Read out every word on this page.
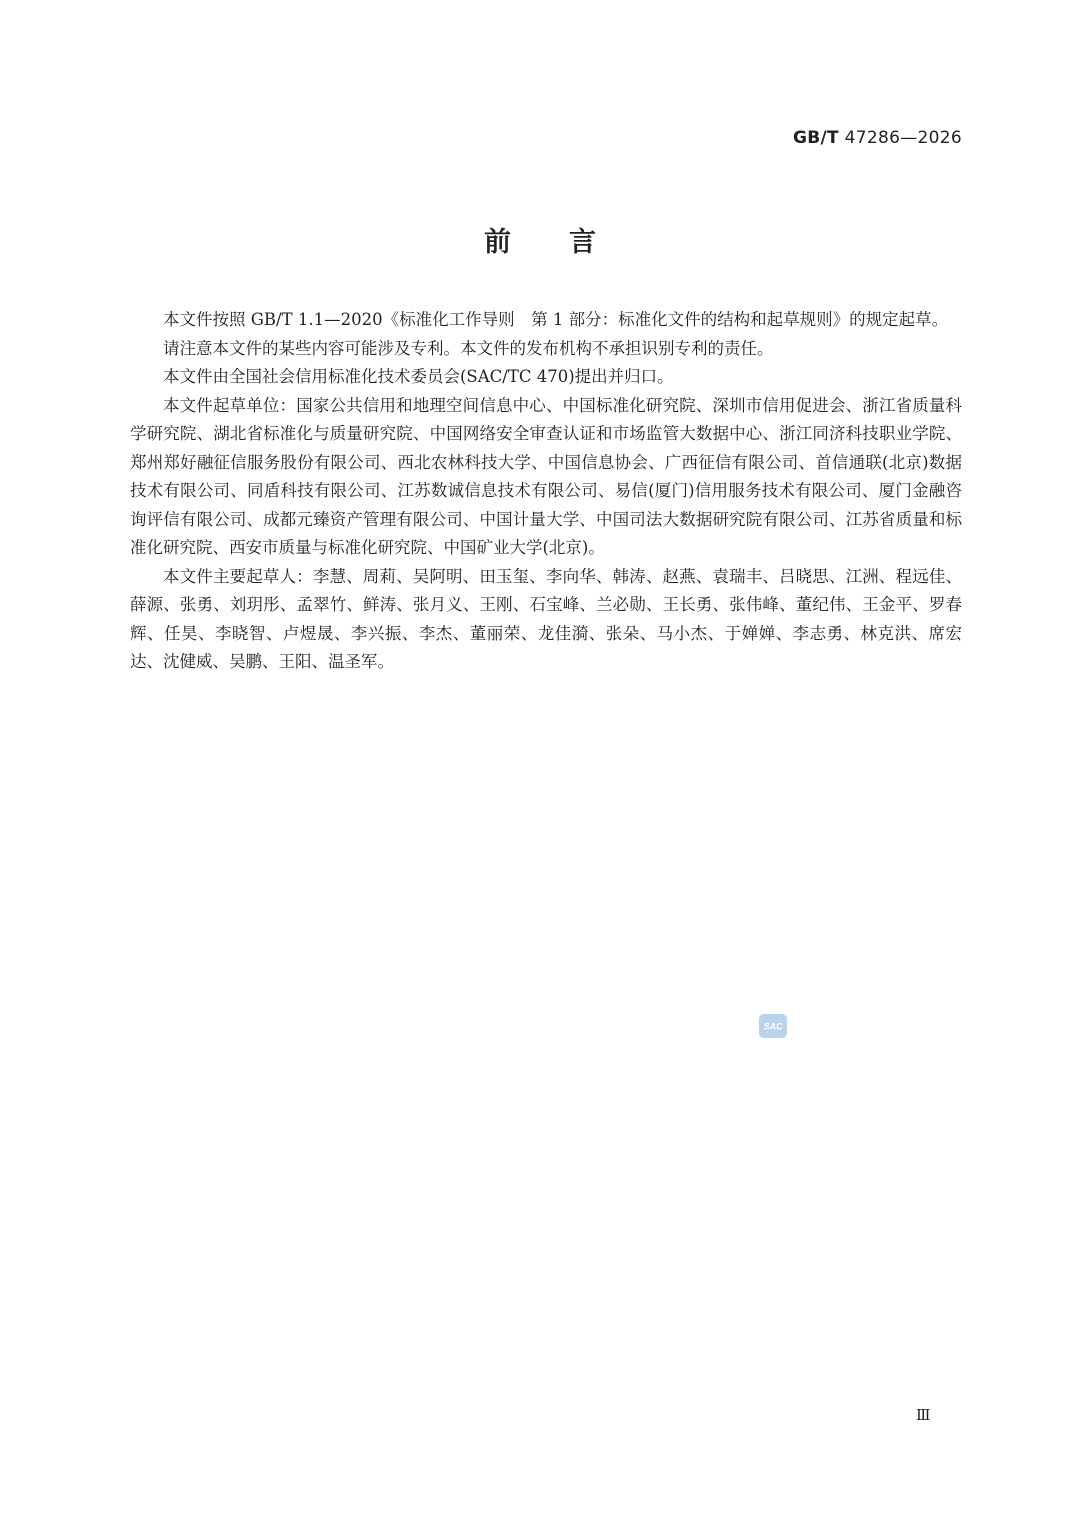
GB/T 47286—2026
前言

本文件按照 GB/T 1.1—2020《标准化工作导则　第 1 部分：标准化文件的结构和起草规则》的规定起草。

请注意本文件的某些内容可能涉及专利。本文件的发布机构不承担识别专利的责任。

本文件由全国社会信用标准化技术委员会(SAC/TC 470)提出并归口。

本文件起草单位：国家公共信用和地理空间信息中心、中国标准化研究院、深圳市信用促进会、浙江省质量科学研究院、湖北省标准化与质量研究院、中国网络安全审查认证和市场监管大数据中心、浙江同济科技职业学院、郑州郑好融征信服务股份有限公司、西北农林科技大学、中国信息协会、广西征信有限公司、首信通联(北京)数据技术有限公司、同盾科技有限公司、江苏数诚信息技术有限公司、易信(厦门)信用服务技术有限公司、厦门金融咨询评信有限公司、成都元臻资产管理有限公司、中国计量大学、中国司法大数据研究院有限公司、江苏省质量和标准化研究院、西安市质量与标准化研究院、中国矿业大学(北京)。

本文件主要起草人：李慧、周莉、吴阿明、田玉玺、李向华、韩涛、赵燕、袁瑞丰、吕晓思、江洲、程远佳、薛源、张勇、刘玥彤、孟翠竹、鲜涛、张月义、王刚、石宝峰、兰必勋、王长勇、张伟峰、董纪伟、王金平、罗春辉、任昊、李晓智、卢煜晟、李兴振、李杰、董丽荣、龙佳漪、张朵、马小杰、于婵婵、李志勇、林克洪、席宏达、沈健威、吴鹏、王阳、温圣军。

SAC
Ⅲ
